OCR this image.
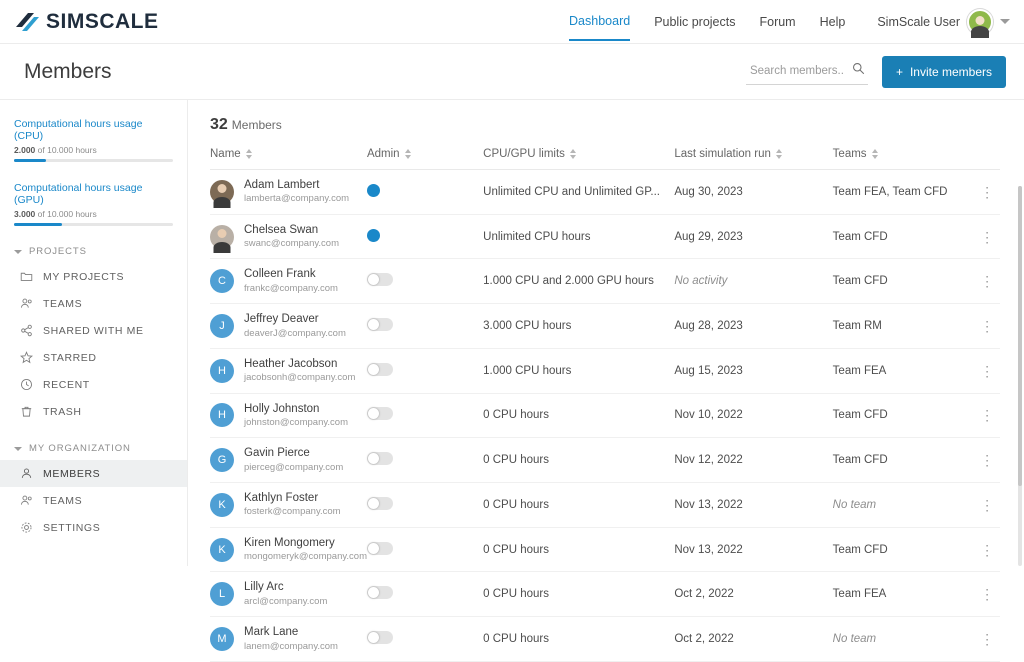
SIMSCALE	Dashboard Public projects Forum Help	SimScale User
Members
Search members...	+ Invite members
Computational hours usage (CPU)
2.000 of 10.000 hours
Computational hours usage (GPU)
3.000 of 10.000 hours
PROJECTS
MY PROJECTS
TEAMS
SHARED WITH ME
STARRED
RECENT
TRASH
MY ORGANIZATION
MEMBERS
TEAMS
SETTINGS
32 Members
Name	Admin	CPU/GPU limits	Last simulation run	Teams	

Adam Lambert
lamberta@company.com		Unlimited CPU and Unlimited GP...	Aug 30, 2023	Team FEA, Team CFD	⋮

Chelsea Swan
swanc@company.com		Unlimited CPU hours	Aug 29, 2023	Team CFD	⋮

C
Colleen Frank
frankc@company.com		1.000 CPU and 2.000 GPU hours	No activity	Team CFD	⋮

J
Jeffrey Deaver
deaverJ@company.com		3.000 CPU hours	Aug 28, 2023	Team RM	⋮

H
Heather Jacobson
jacobsonh@company.com		1.000 CPU hours	Aug 15, 2023	Team FEA	⋮

H
Holly Johnston
johnston@company.com		0 CPU hours	Nov 10, 2022	Team CFD	⋮

G
Gavin Pierce
pierceg@company.com		0 CPU hours	Nov 12, 2022	Team CFD	⋮

K
Kathlyn Foster
fosterk@company.com		0 CPU hours	Nov 13, 2022	No team	⋮

K
Kiren Mongomery
mongomeryk@company.com		0 CPU hours	Nov 13, 2022	Team CFD	⋮

L
Lilly Arc
arcl@company.com		0 CPU hours	Oct 2, 2022	Team FEA	⋮

M
Mark Lane
lanem@company.com		0 CPU hours	Oct 2, 2022	No team	⋮
